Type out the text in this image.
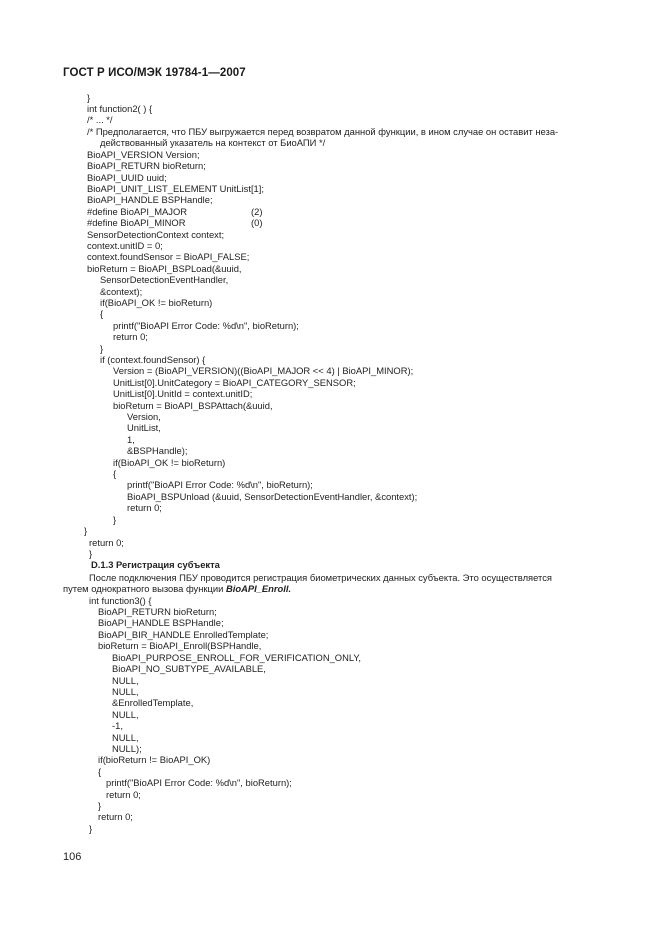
ГОСТ Р ИСО/МЭК 19784-1—2007
}
int function2( ) {
/* ... */
/* Предполагается, что ПБУ выгружается перед возвратом данной функции, в ином случае он оставит неза-
действованный указатель на контекст от БиоАПИ */
BioAPI_VERSION Version;
BioAPI_RETURN bioReturn;
BioAPI_UUID uuid;
BioAPI_UNIT_LIST_ELEMENT UnitList[1];
BioAPI_HANDLE BSPHandle;
#define BioAPI_MAJOR	(2)
#define BioAPI_MINOR	(0)
SensorDetectionContext context;
context.unitID = 0;
context.foundSensor = BioAPI_FALSE;
bioReturn = BioAPI_BSPLoad(&uuid,
SensorDetectionEventHandler,
&context);
if(BioAPI_OK != bioReturn)
{
printf("BioAPI Error Code: %d\n", bioReturn);
return 0;
}
if (context.foundSensor) {
Version = (BioAPI_VERSION)((BioAPI_MAJOR << 4) | BioAPI_MINOR);
UnitList[0].UnitCategory = BioAPI_CATEGORY_SENSOR;
UnitList[0].UnitId = context.unitID;
bioReturn = BioAPI_BSPAttach(&uuid,
Version,
UnitList,
1,
&BSPHandle);
if(BioAPI_OK != bioReturn)
{
printf("BioAPI Error Code: %d\n", bioReturn);
BioAPI_BSPUnload (&uuid, SensorDetectionEventHandler, &context);
return 0;
}
}
return 0;
}
D.1.3 Регистрация субъекта
После подключения ПБУ проводится регистрация биометрических данных субъекта. Это осуществляется
путем однократного вызова функции BioAPI_Enroll.
int function3() {
BioAPI_RETURN bioReturn;
BioAPI_HANDLE BSPHandle;
BioAPI_BIR_HANDLE EnrolledTemplate;
bioReturn = BioAPI_Enroll(BSPHandle,
BioAPI_PURPOSE_ENROLL_FOR_VERIFICATION_ONLY,
BioAPI_NO_SUBTYPE_AVAILABLE,
NULL,
NULL,
&EnrolledTemplate,
NULL,
-1,
NULL,
NULL);
if(bioReturn != BioAPI_OK)
{
printf("BioAPI Error Code: %d\n", bioReturn);
return 0;
}
return 0;
}
106
